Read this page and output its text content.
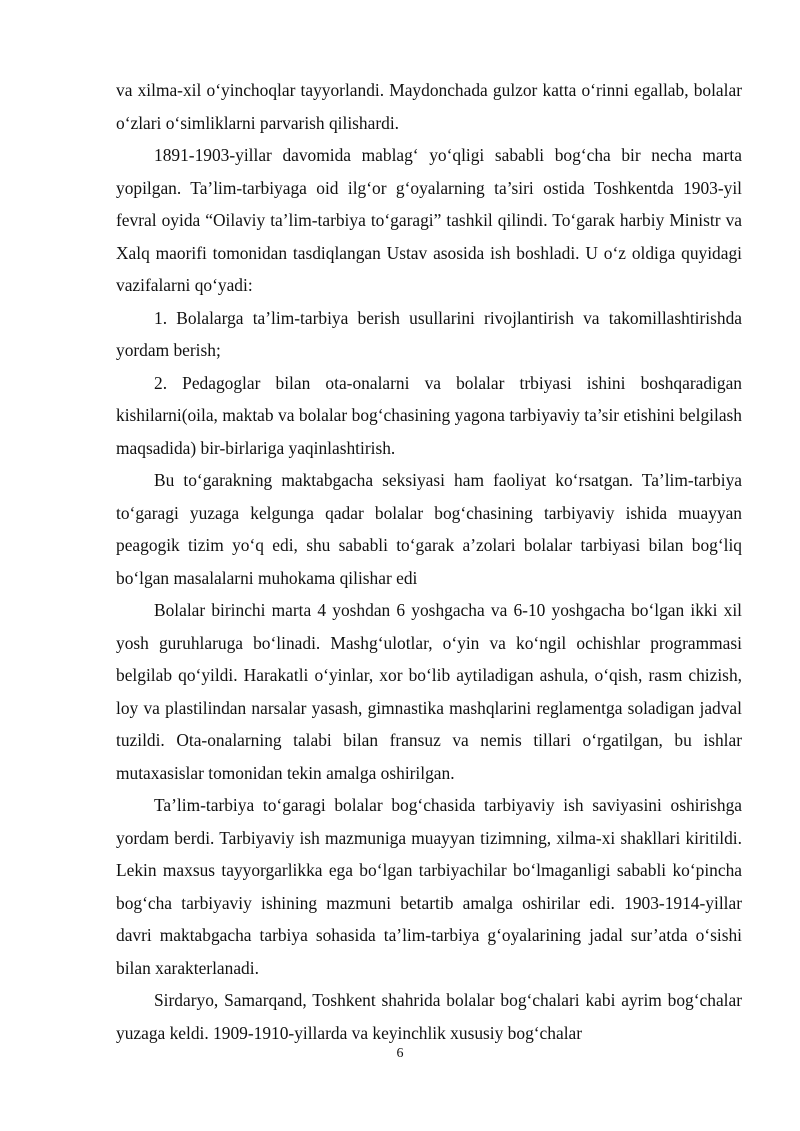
va xilma-xil o‘yinchoqlar tayyorlandi. Maydonchada gulzor katta o‘rinni egallab, bolalar o‘zlari o‘simliklarni parvarish qilishardi.

1891-1903-yillar davomida mablag‘ yo‘qligi sababli bog‘cha bir necha marta yopilgan. Ta’lim-tarbiyaga oid ilg‘or g‘oyalarning ta’siri ostida Toshkentda 1903-yil fevral oyida “Oilaviy ta’lim-tarbiya to‘garagi” tashkil qilindi. To‘garak harbiy Ministr va Xalq maorifi tomonidan tasdiqlangan Ustav asosida ish boshladi. U o‘z oldiga quyidagi vazifalarni qo‘yadi:

1. Bolalarga ta’lim-tarbiya berish usullarini rivojlantirish va takomillashtirishda yordam berish;

2. Pedagoglar bilan ota-onalarni va bolalar trbiyasi ishini boshqaradigan kishilarni(oila, maktab va bolalar bog‘chasining yagona tarbiyaviy ta’sir etishini belgilash maqsadida) bir-birlariga yaqinlashtirish.

Bu to‘garakning maktabgacha seksiyasi ham faoliyat ko‘rsatgan. Ta’lim-tarbiya to‘garagi yuzaga kelgunga qadar bolalar bog‘chasining tarbiyaviy ishida muayyan peagogik tizim yo‘q edi, shu sababli to‘garak a’zolari bolalar tarbiyasi bilan bog‘liq bo‘lgan masalalarni muhokama qilishar edi

Bolalar birinchi marta 4 yoshdan 6 yoshgacha va 6-10 yoshgacha bo‘lgan ikki xil yosh guruhlaruga bo‘linadi. Mashg‘ulotlar, o‘yin va ko‘ngil ochishlar programmasi belgilab qo‘yildi. Harakatli o‘yinlar, xor bo‘lib aytiladigan ashula, o‘qish, rasm chizish, loy va plastilindan narsalar yasash, gimnastika mashqlarini reglamentga soladigan jadval tuzildi. Ota-onalarning talabi bilan fransuz va nemis tillari o‘rgatilgan, bu ishlar mutaxasislar tomonidan tekin amalga oshirilgan.

Ta’lim-tarbiya to‘garagi bolalar bog‘chasida tarbiyaviy ish saviyasini oshirishga yordam berdi. Tarbiyaviy ish mazmuniga muayyan tizimning, xilma-xi shakllari kiritildi. Lekin maxsus tayyorgarlikka ega bo‘lgan tarbiyachilar bo‘lmaganligi sababli ko‘pincha bog‘cha tarbiyaviy ishining mazmuni betartib amalga oshirilar edi. 1903-1914-yillar davri maktabgacha tarbiya sohasida ta’lim-tarbiya g‘oyalarining jadal sur’atda o‘sishi bilan xarakterlanadi.

Sirdaryo, Samarqand, Toshkent shahrida bolalar bog‘chalari kabi ayrim bog‘chalar yuzaga keldi. 1909-1910-yillarda va keyinchlik xususiy bog‘chalar

6
